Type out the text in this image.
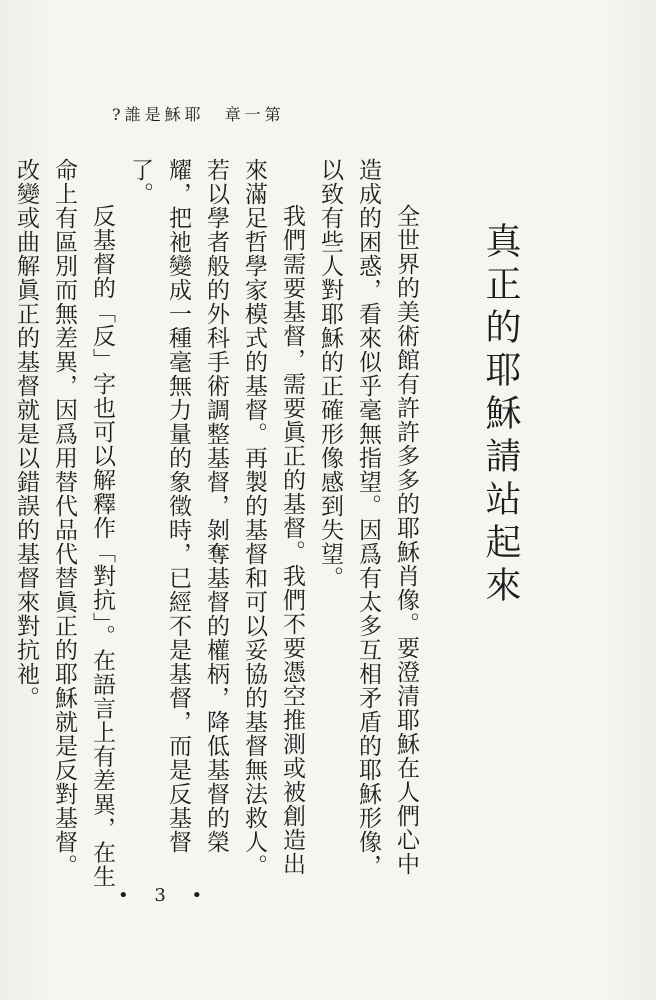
?誰是穌耶　章一第
真正的耶穌請站起來

全世界的美術館有許許多多的耶穌肖像。要澄清耶穌在人們心中造成的困惑，看來似乎毫無指望。因爲有太多互相矛盾的耶穌形像，以致有些人對耶穌的正確形像感到失望。

我們需要基督，需要眞正的基督。我們不要憑空推測或被創造出來滿足哲學家模式的基督。再製的基督和可以妥協的基督無法救人。若以學者般的外科手術調整基督，剝奪基督的權柄，降低基督的榮耀，把祂變成一種毫無力量的象徵時，已經不是基督，而是反基督了。

反基督的「反」字也可以解釋作「對抗」。在語言上有差異，在生命上有區別而無差異，因爲用替代品代替眞正的耶穌就是反對基督。改變或曲解眞正的基督就是以錯誤的基督來對抗祂。

• 3 •
